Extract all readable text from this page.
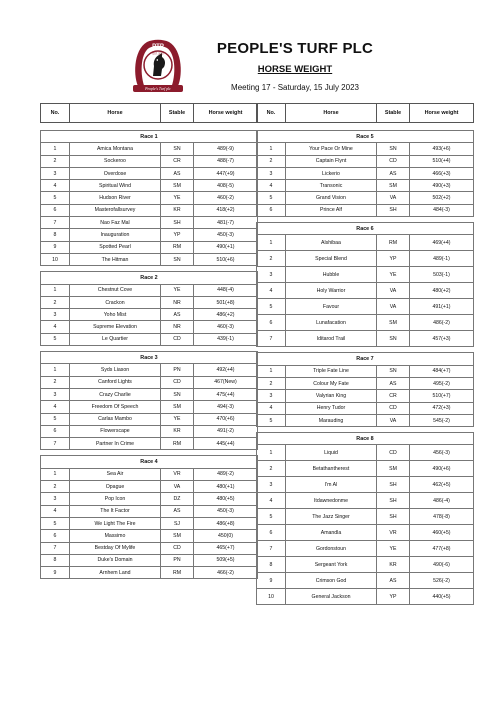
PTP
EST. 2010
People's Turf plc
PEOPLE'S TURF PLC
HORSE WEIGHT
Meeting 17 - Saturday, 15 July 2023
No.	Horse	Stable	Horse weight

Race 1			
1	Amica Montana	SN	489(-9)
2	Sockeroo	CR	488(-7)
3	Overdose	AS	447(+9)
4	Spiritual Wind	SM	408(-5)
5	Hudson River	YE	460(-2)
6	Masterofallsurvey	KR	418(+2)
7	Nao Faz Mal	SH	481(-7)
8	Inauguration	YP	450(-3)
9	Spotted Pearl	RM	490(+1)
10	The Hitman	SN	510(+6)

Race 2			
1	Chestnut Cove	YE	448(-4)
2	Crackon	NR	501(+8)
3	Yoho Mist	AS	486(+2)
4	Supreme Elevation	NR	460(-3)
5	Le Quartier	CD	439(-1)

Race 3			
1	Syds Liason	PN	492(+4)
2	Canford Lights	CD	467(New)
3	Crazy Charlie	SN	475(+4)
4	Freedom Of Speech	SM	494(-3)
5	Carlas Mambo	YE	470(+6)
6	Flowerscape	KR	491(-2)
7	Partner In Crime	RM	445(+4)

Race 4			
1	Sea Air	VR	489(-2)
2	Opague	VA	480(+1)
3	Pop Icon	DZ	480(+5)
4	The It Factor	AS	450(-3)
5	We Light The Fire	SJ	486(+8)
6	Massimo	SM	450(0)
7	Bestday Of Mylife	CD	465(+7)
8	Duke's Domain	PN	509(+5)
9	Arnhem Land	RM	466(-2)
No.	Horse	Stable	Horse weight

Race 5			
1	Your Pace Or Mine	SN	493(+6)
2	Captain Flynt	CD	510(+4)
3	Lickerio	AS	466(+3)
4	Transonic	SM	490(+3)
5	Grand Vision	VA	502(+2)
6	Prince Alf	SH	484(-3)

Race 6			
1	Alshibaa	RM	469(+4)
2	Special Blend	YP	489(-1)
3	Hubble	YE	503(-1)
4	Holy Warrior	VA	480(+2)
5	Favour	VA	491(+1)
6	Lunafacation	SM	486(-2)
7	Iditarod Trail	SN	457(+3)

Race 7			
1	Triple Fate Line	SN	484(+7)
2	Colour My Fate	AS	495(-2)
3	Valyrian King	CR	510(+7)
4	Henry Tudor	CD	472(+3)
5	Marauding	VA	545(-2)

Race 8			
1	Liquid	CD	456(-3)
2	Betathantherest	SM	490(+6)
3	I'm Al	SH	462(+5)
4	Itdawnedonme	SH	486(-4)
5	The Jazz Singer	SH	478(-8)
6	Amandla	VR	460(+5)
7	Gordonstoun	YE	477(+8)
8	Sergeant York	KR	490(-6)
9	Crimson God	AS	526(-2)
10	General Jackson	YP	440(+5)
